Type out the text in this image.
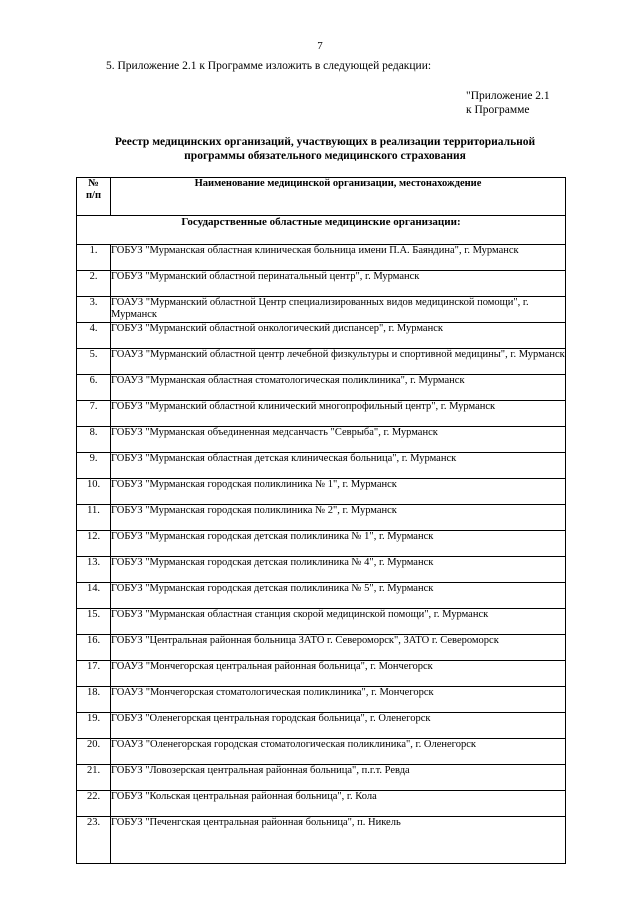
7
5. Приложение 2.1 к Программе изложить в следующей редакции:
"Приложение 2.1
к Программе
Реестр медицинских организаций, участвующих в реализации территориальной
программы обязательного медицинского страхования
№
п/п	Наименование медицинской организации, местонахождение
Государственные областные медицинские организации:	
1.	ГОБУЗ "Мурманская областная клиническая больница имени П.А. Баяндина", г. Мурманск
2.	ГОБУЗ "Мурманский областной перинатальный центр", г. Мурманск
3.	ГОАУЗ "Мурманский областной Центр специализированных видов медицинской помощи", г. Мурманск
4.	ГОБУЗ "Мурманский областной онкологический диспансер", г. Мурманск
5.	ГОАУЗ "Мурманский областной центр лечебной физкультуры и спортивной медицины", г. Мурманск
6.	ГОАУЗ "Мурманская областная стоматологическая поликлиника", г. Мурманск
7.	ГОБУЗ "Мурманский областной клинический многопрофильный центр", г. Мурманск
8.	ГОБУЗ "Мурманская объединенная медсанчасть "Севрыба", г. Мурманск
9.	ГОБУЗ "Мурманская областная детская клиническая больница", г. Мурманск
10.	ГОБУЗ "Мурманская городская поликлиника № 1", г. Мурманск
11.	ГОБУЗ "Мурманская городская поликлиника № 2", г. Мурманск
12.	ГОБУЗ "Мурманская городская детская поликлиника № 1", г. Мурманск
13.	ГОБУЗ "Мурманская городская детская поликлиника № 4", г. Мурманск
14.	ГОБУЗ "Мурманская городская детская поликлиника № 5", г. Мурманск
15.	ГОБУЗ "Мурманская областная станция скорой медицинской помощи", г. Мурманск
16.	ГОБУЗ "Центральная районная больница ЗАТО г. Североморск", ЗАТО г. Североморск
17.	ГОАУЗ "Мончегорская центральная районная больница", г. Мончегорск
18.	ГОАУЗ "Мончегорская стоматологическая поликлиника", г. Мончегорск
19.	ГОБУЗ "Оленегорская центральная городская больница", г. Оленегорск
20.	ГОАУЗ "Оленегорская городская стоматологическая поликлиника", г. Оленегорск
21.	ГОБУЗ "Ловозерская центральная районная больница", п.г.т. Ревда
22.	ГОБУЗ "Кольская центральная районная больница", г. Кола
23.	ГОБУЗ "Печенгская центральная районная больница", п. Никель
